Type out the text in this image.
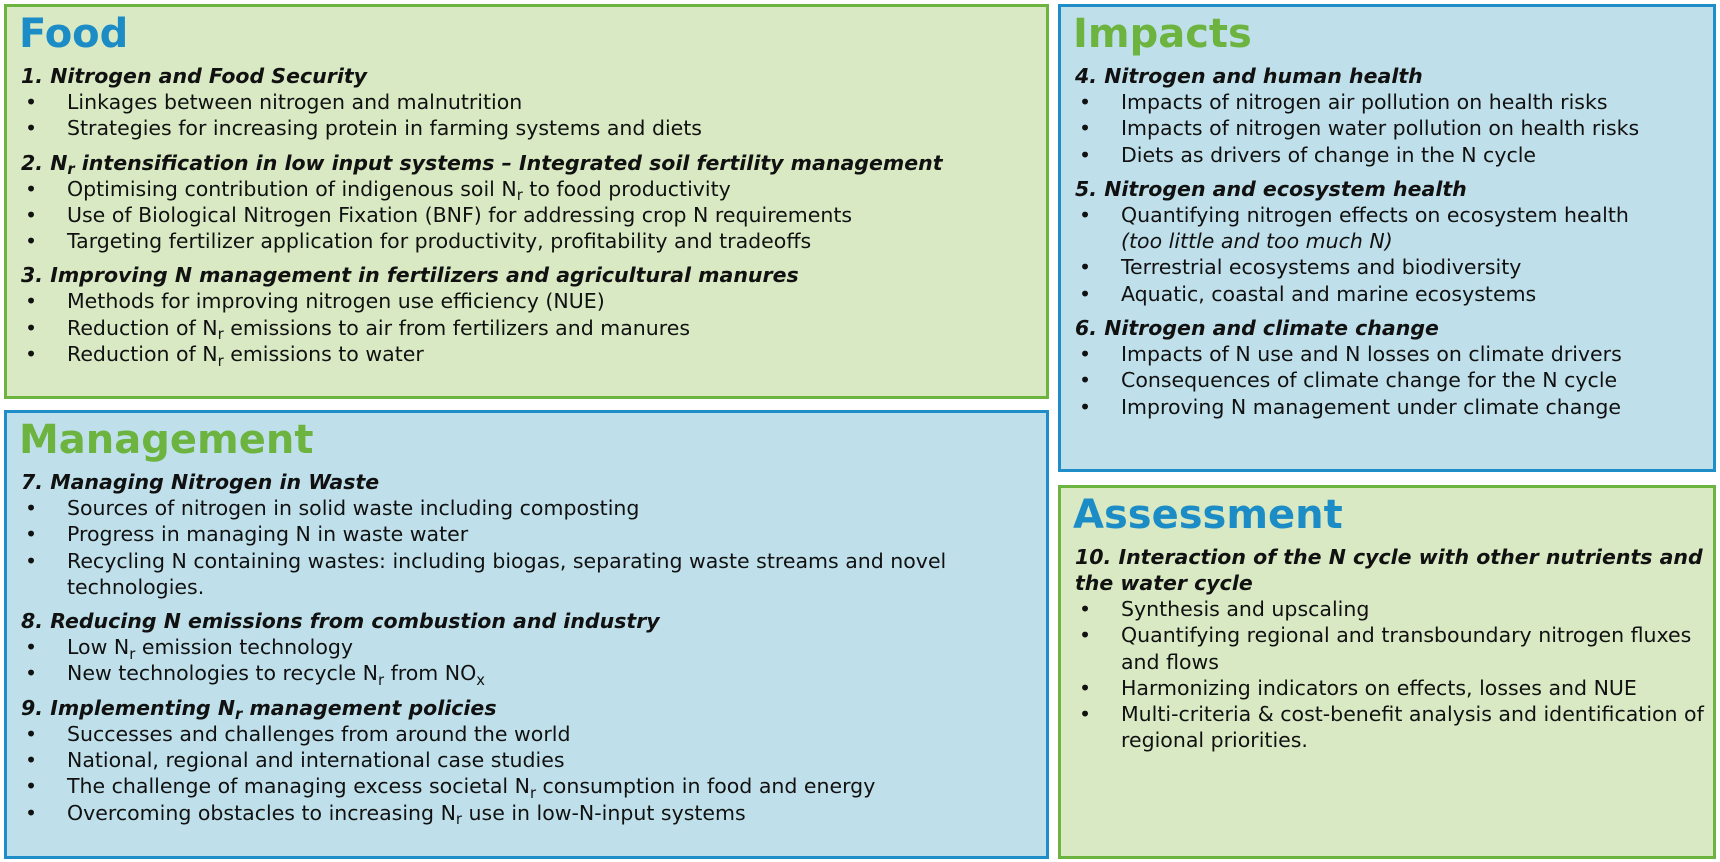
Food
1. Nitrogen and Food Security
• Linkages between nitrogen and malnutrition
• Strategies for increasing protein in farming systems and diets
2. $N_r$ intensification in low input systems – Integrated soil fertility management
• Optimising contribution of indigenous soil $N_r$ to food productivity
• Use of Biological Nitrogen Fixation (BNF) for addressing crop N requirements
• Targeting fertilizer application for productivity, profitability and tradeoffs
3. Improving N management in fertilizers and agricultural manures
• Methods for improving nitrogen use efficiency (NUE)
• Reduction of $N_r$ emissions to air from fertilizers and manures
• Reduction of $N_r$ emissions to water
Management
7. Managing Nitrogen in Waste
• Sources of nitrogen in solid waste including composting
• Progress in managing N in waste water
• Recycling N containing wastes: including biogas, separating waste streams and novel technologies.
8. Reducing N emissions from combustion and industry
• Low $N_r$ emission technology
• New technologies to recycle $N_r$ from $NO_x$
9. Implementing $N_r$ management policies
• Successes and challenges from around the world
• National, regional and international case studies
• The challenge of managing excess societal $N_r$ consumption in food and energy
• Overcoming obstacles to increasing $N_r$ use in low-N-input systems
Impacts
4. Nitrogen and human health
• Impacts of nitrogen air pollution on health risks
• Impacts of nitrogen water pollution on health risks
• Diets as drivers of change in the N cycle
5. Nitrogen and ecosystem health
• Quantifying nitrogen effects on ecosystem health
(too little and too much N)
• Terrestrial ecosystems and biodiversity
• Aquatic, coastal and marine ecosystems
6. Nitrogen and climate change
• Impacts of N use and N losses on climate drivers
• Consequences of climate change for the N cycle
• Improving N management under climate change
Assessment
10. Interaction of the N cycle with other nutrients and the water cycle
• Synthesis and upscaling
• Quantifying regional and transboundary nitrogen fluxes and flows
• Harmonizing indicators on effects, losses and NUE
• Multi-criteria & cost-benefit analysis and identification of regional priorities.
